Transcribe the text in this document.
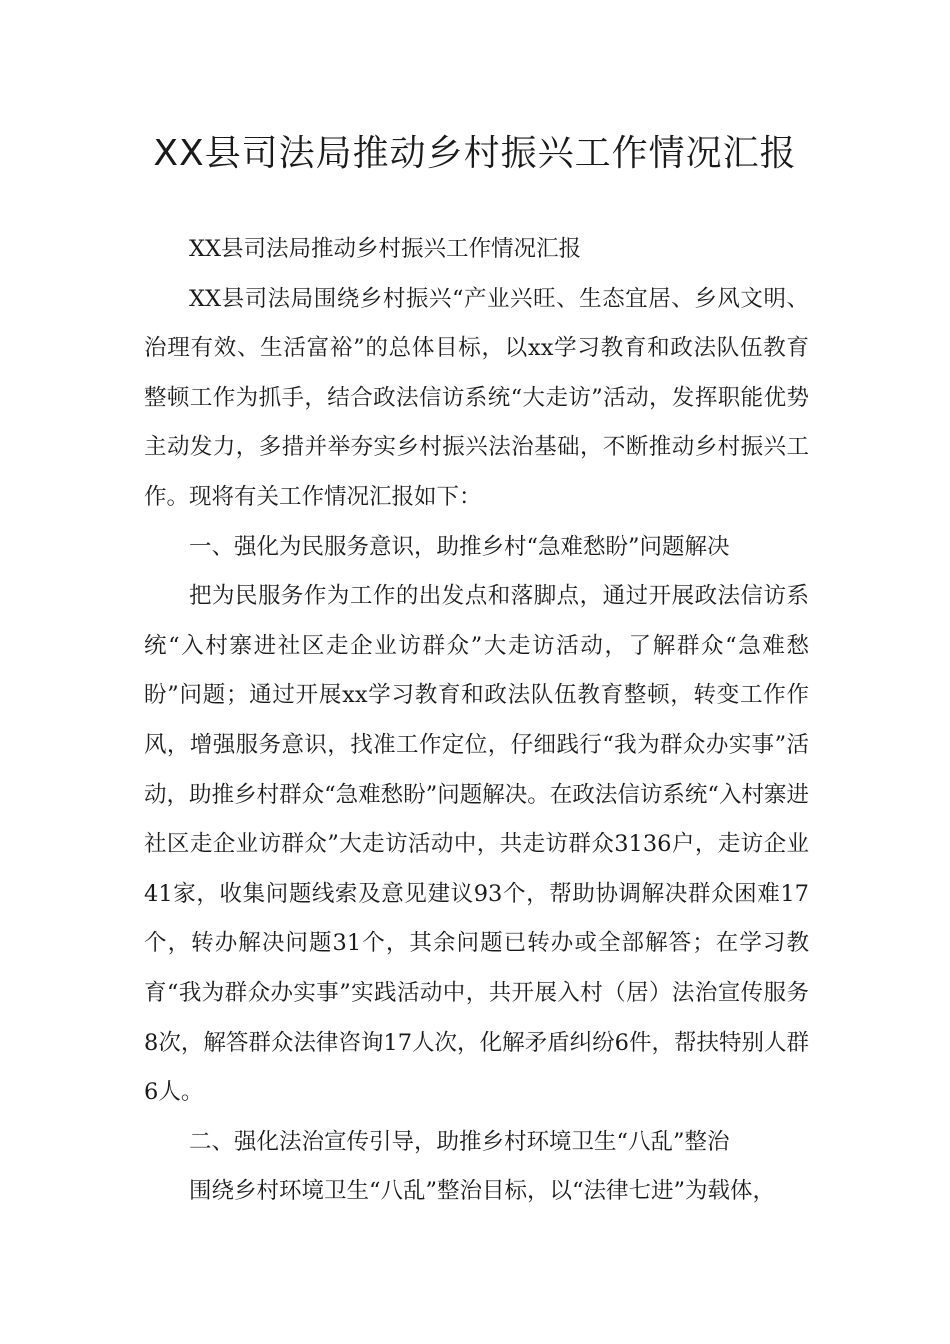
XX县司法局推动乡村振兴工作情况汇报

XX县司法局推动乡村振兴工作情况汇报

XX县司法局围绕乡村振兴“产业兴旺、生态宜居、乡风文明、治理有效、生活富裕”的总体目标，以xx学习教育和政法队伍教育整顿工作为抓手，结合政法信访系统“大走访”活动，发挥职能优势主动发力，多措并举夯实乡村振兴法治基础，不断推动乡村振兴工作。现将有关工作情况汇报如下：

一、强化为民服务意识，助推乡村“急难愁盼”问题解决

把为民服务作为工作的出发点和落脚点，通过开展政法信访系统“入村寨进社区走企业访群众”大走访活动，了解群众“急难愁盼”问题；通过开展xx学习教育和政法队伍教育整顿，转变工作作风，增强服务意识，找准工作定位，仔细践行“我为群众办实事”活动，助推乡村群众“急难愁盼”问题解决。在政法信访系统“入村寨进社区走企业访群众”大走访活动中，共走访群众3136户，走访企业41家，收集问题线索及意见建议93个，帮助协调解决群众困难17个，转办解决问题31个，其余问题已转办或全部解答；在学习教育“我为群众办实事”实践活动中，共开展入村（居）法治宣传服务8次，解答群众法律咨询17人次，化解矛盾纠纷6件，帮扶特别人群6人。

二、强化法治宣传引导，助推乡村环境卫生“八乱”整治

围绕乡村环境卫生“八乱”整治目标，以“法律七进”为载体，
